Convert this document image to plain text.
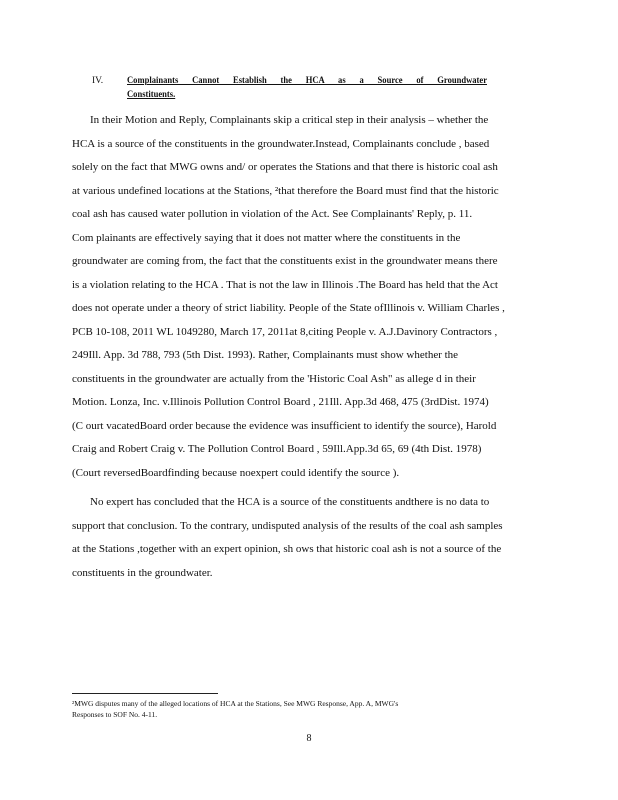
IV.	Complainants Cannot Establish the HCA as a Source of Groundwater
Constituents.
In their Motion and Reply, Complainants skip a critical step in their analysis – whether the
HCA is a source of the constituents in the groundwater.Instead, Complainants conclude , based
solely on the fact that MWG owns and/ or operates the Stations and that there is historic coal ash
at various undefined locations at the Stations, ²that therefore the Board must find that the historic
coal ash has caused water pollution in violation of the Act. See Complainants' Reply, p. 11.
Com plainants are effectively saying that it does not matter where the constituents in the
groundwater are coming from, the fact that the constituents exist in the groundwater means there
is a violation relating to the HCA . That is not the law in Illinois .The Board has held that the Act
does not operate under a theory of strict liability. People of the State ofIllinois v. William Charles ,
PCB 10-108, 2011 WL 1049280, March 17, 2011at 8,citing People v. A.J.Davinory Contractors ,
249Ill. App. 3d 788, 793 (5th Dist. 1993). Rather, Complainants must show whether the
constituents in the groundwater are actually from the 'Historic Coal Ash" as allege d in their
Motion. Lonza, Inc. v.Illinois Pollution Control Board , 21Ill. App.3d 468, 475 (3rdDist. 1974)
(C ourt vacatedBoard order because the evidence was insufficient to identify the source), Harold
Craig and Robert Craig v. The Pollution Control Board , 59Ill.App.3d 65, 69 (4th Dist. 1978)
(Court reversedBoardfinding because noexpert could identify the source ).
No expert has concluded that the HCA is a source of the constituents andthere is no data to
support that conclusion. To the contrary, undisputed analysis of the results of the coal ash samples
at the Stations ,together with an expert opinion, sh ows that historic coal ash is not a source of the
constituents in the groundwater.
²MWG disputes many of the alleged locations of HCA at the Stations, See MWG Response, App. A, MWG's
Responses to SOF No. 4-11.
8
